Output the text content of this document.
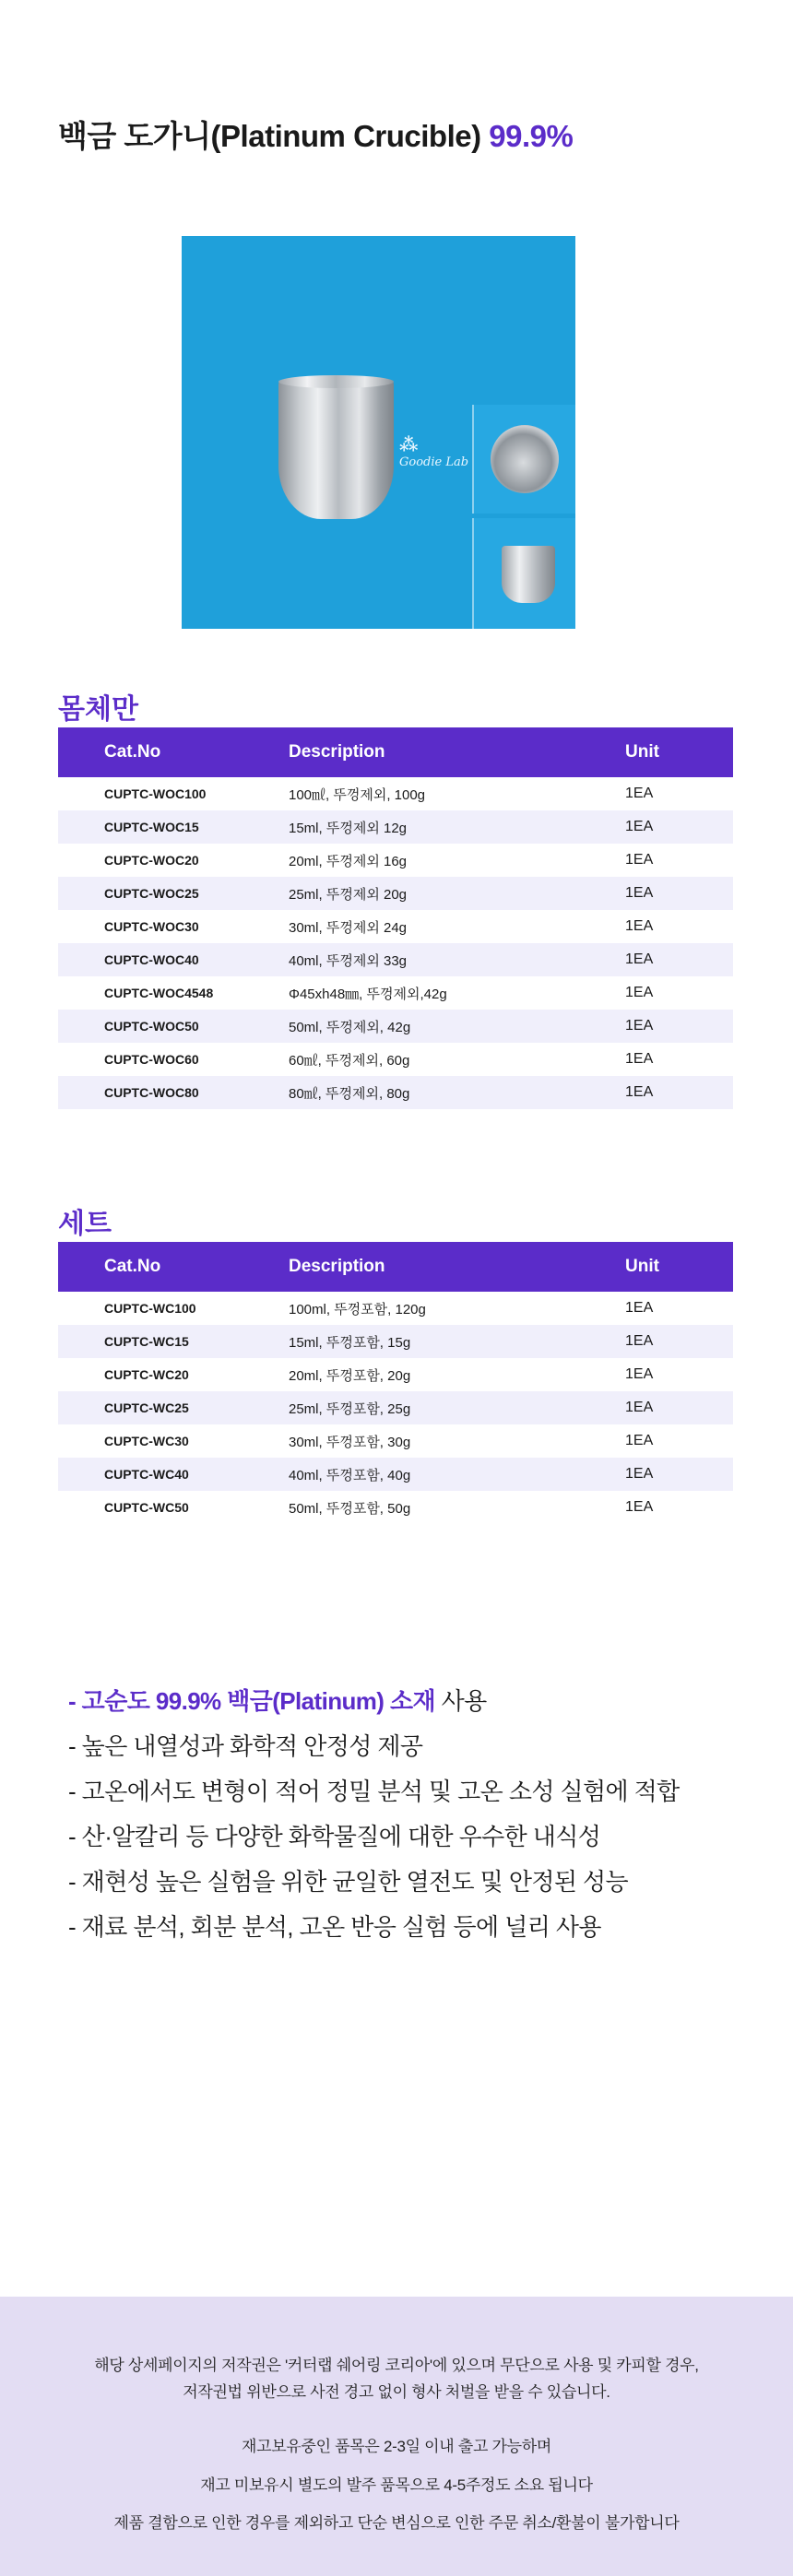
백금 도가니(Platinum Crucible) 99.9%
⁂
Goodie Lab
몸체만
Cat.No	Description	Unit
CUPTC-WOC100	100㎖, 뚜껑제외, 100g	1EA
CUPTC-WOC15	15ml, 뚜껑제외 12g	1EA
CUPTC-WOC20	20ml, 뚜껑제외 16g	1EA
CUPTC-WOC25	25ml, 뚜껑제외 20g	1EA
CUPTC-WOC30	30ml, 뚜껑제외 24g	1EA
CUPTC-WOC40	40ml, 뚜껑제외 33g	1EA
CUPTC-WOC4548	Φ45xh48㎜, 뚜껑제외,42g	1EA
CUPTC-WOC50	50ml, 뚜껑제외, 42g	1EA
CUPTC-WOC60	60㎖, 뚜껑제외, 60g	1EA
CUPTC-WOC80	80㎖, 뚜껑제외, 80g	1EA
세트
Cat.No	Description	Unit
CUPTC-WC100	100ml, 뚜껑포함, 120g	1EA
CUPTC-WC15	15ml, 뚜껑포함, 15g	1EA
CUPTC-WC20	20ml, 뚜껑포함, 20g	1EA
CUPTC-WC25	25ml, 뚜껑포함, 25g	1EA
CUPTC-WC30	30ml, 뚜껑포함, 30g	1EA
CUPTC-WC40	40ml, 뚜껑포함, 40g	1EA
CUPTC-WC50	50ml, 뚜껑포함, 50g	1EA
- 고순도 99.9% 백금(Platinum) 소재 사용
- 높은 내열성과 화학적 안정성 제공
- 고온에서도 변형이 적어 정밀 분석 및 고온 소성 실험에 적합
- 산·알칼리 등 다양한 화학물질에 대한 우수한 내식성
- 재현성 높은 실험을 위한 균일한 열전도 및 안정된 성능
- 재료 분석, 회분 분석, 고온 반응 실험 등에 널리 사용
해당 상세페이지의 저작권은 '커터랩 쉐어링 코리아'에 있으며 무단으로 사용 및 카피할 경우,
저작권법 위반으로 사전 경고 없이 형사 처벌을 받을 수 있습니다.
재고보유중인 품목은 2-3일 이내 출고 가능하며
재고 미보유시 별도의 발주 품목으로 4-5주정도 소요 됩니다
제품 결함으로 인한 경우를 제외하고 단순 변심으로 인한 주문 취소/환불이 불가합니다
